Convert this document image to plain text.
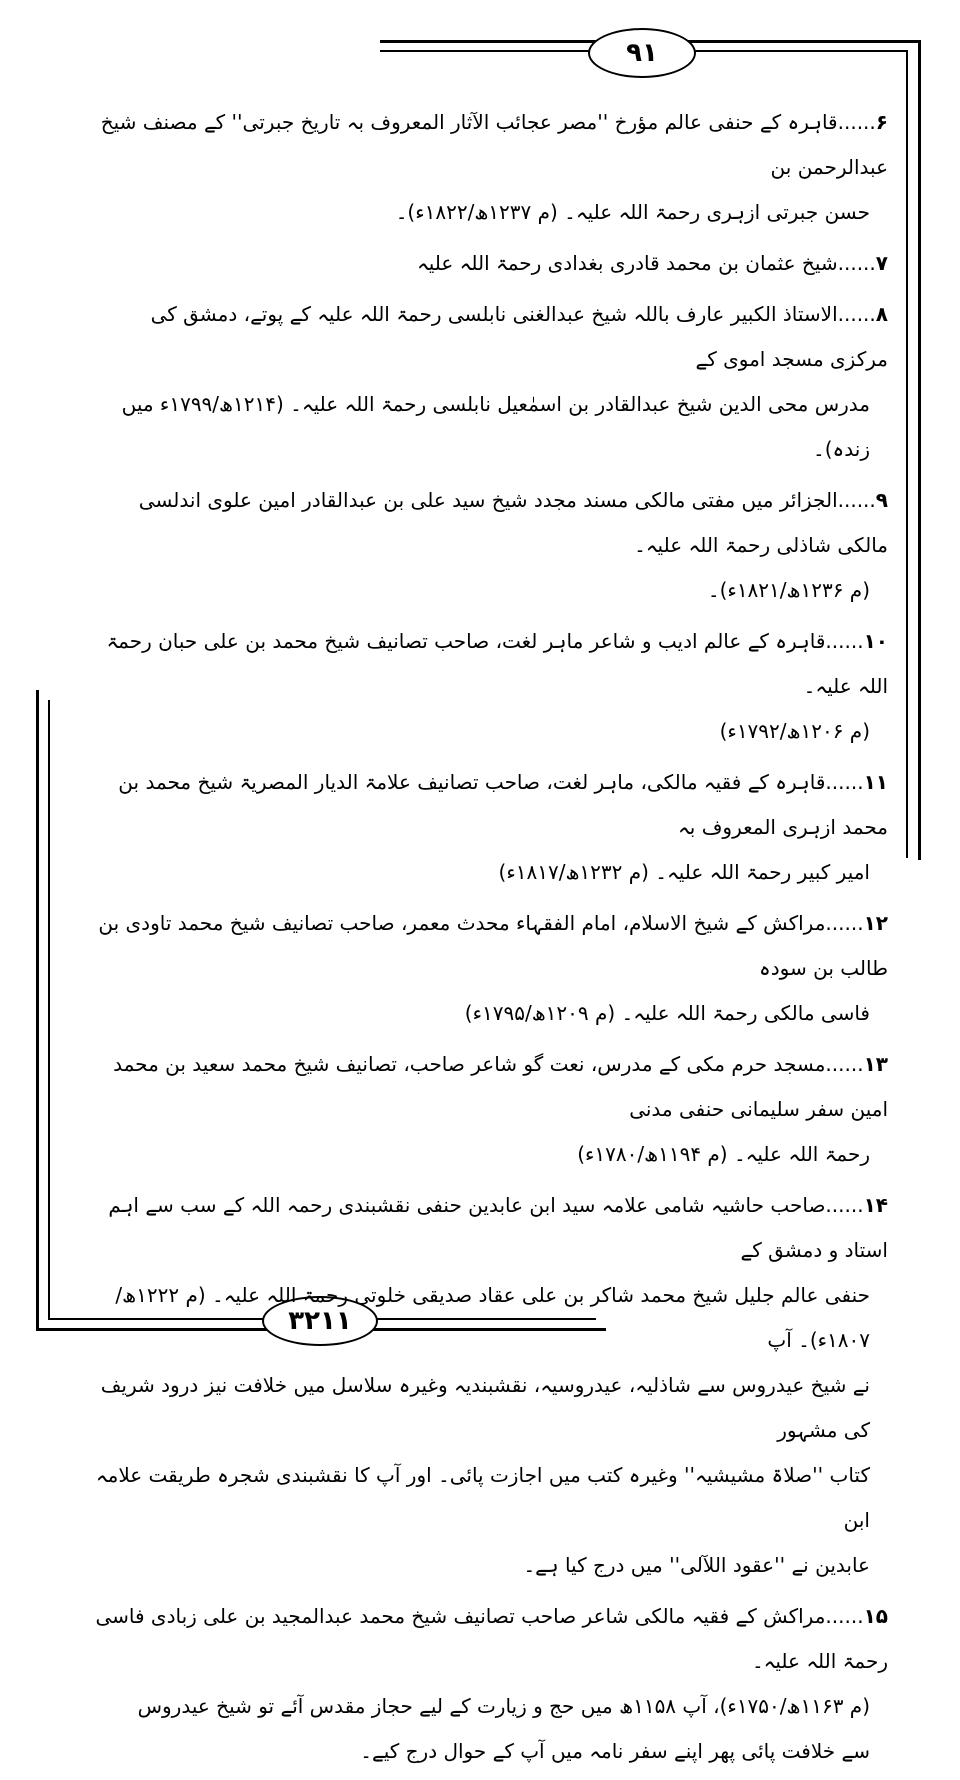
۹۱
۳۲۱۱
۶......قاہرہ کے حنفی عالم مؤرخ ''مصر عجائب الآثار المعروف بہ تاریخ جبرتی'' کے مصنف شیخ عبدالرحمن بن
حسن جبرتی ازہری رحمۃ اللہ علیہ۔ (م ۱۲۳۷ھ/۱۸۲۲ء)۔
۷......شیخ عثمان بن محمد قادری بغدادی رحمۃ اللہ علیہ
۸......الاستاذ الکبیر عارف باللہ شیخ عبدالغنی نابلسی رحمۃ اللہ علیہ کے پوتے، دمشق کی مرکزی مسجد اموی کے
مدرس محی الدین شیخ عبدالقادر بن اسمٰعیل نابلسی رحمۃ اللہ علیہ۔ (۱۲۱۴ھ/۱۷۹۹ء میں زندہ)۔
۹......الجزائر میں مفتی مالکی مسند مجدد شیخ سید علی بن عبدالقادر امین علوی اندلسی مالکی شاذلی رحمۃ اللہ علیہ۔
(م ۱۲۳۶ھ/۱۸۲۱ء)۔
۱۰......قاہرہ کے عالم ادیب و شاعر ماہر لغت، صاحب تصانیف شیخ محمد بن علی حبان رحمۃ اللہ علیہ۔
(م ۱۲۰۶ھ/۱۷۹۲ء)
۱۱......قاہرہ کے فقیہ مالکی، ماہر لغت، صاحب تصانیف علامۃ الدیار المصریۃ شیخ محمد بن محمد ازہری المعروف بہ
امیر کبیر رحمۃ اللہ علیہ۔ (م ۱۲۳۲ھ/۱۸۱۷ء)
۱۲......مراکش کے شیخ الاسلام، امام الفقہاء محدث معمر، صاحب تصانیف شیخ محمد تاودی بن طالب بن سودہ
فاسی مالکی رحمۃ اللہ علیہ۔ (م ۱۲۰۹ھ/۱۷۹۵ء)
۱۳......مسجد حرم مکی کے مدرس، نعت گو شاعر صاحب، تصانیف شیخ محمد سعید بن محمد امین سفر سلیمانی حنفی مدنی
رحمۃ اللہ علیہ۔ (م ۱۱۹۴ھ/۱۷۸۰ء)
۱۴......صاحب حاشیہ شامی علامہ سید ابن عابدین حنفی نقشبندی رحمہ اللہ کے سب سے اہم استاد و دمشق کے
حنفی عالم جلیل شیخ محمد شاکر بن علی عقاد صدیقی خلوتی رحمۃ اللہ علیہ۔ (م ۱۲۲۲ھ/۱۸۰۷ء)۔ آپ
نے شیخ عیدروس سے شاذلیہ، عیدروسیہ، نقشبندیہ وغیرہ سلاسل میں خلافت نیز درود شریف کی مشہور
کتاب ''صلاۃ مشیشیہ'' وغیرہ کتب میں اجازت پائی۔ اور آپ کا نقشبندی شجرہ طریقت علامہ ابن
عابدین نے ''عقود اللآلی'' میں درج کیا ہے۔
۱۵......مراکش کے فقیہ مالکی شاعر صاحب تصانیف شیخ محمد عبدالمجید بن علی زبادی فاسی رحمۃ اللہ علیہ۔
(م ۱۱۶۳ھ/۱۷۵۰ء)، آپ ۱۱۵۸ھ میں حج و زیارت کے لیے حجاز مقدس آئے تو شیخ عیدروس
سے خلافت پائی پھر اپنے سفر نامہ میں آپ کے حوال درج کیے۔
